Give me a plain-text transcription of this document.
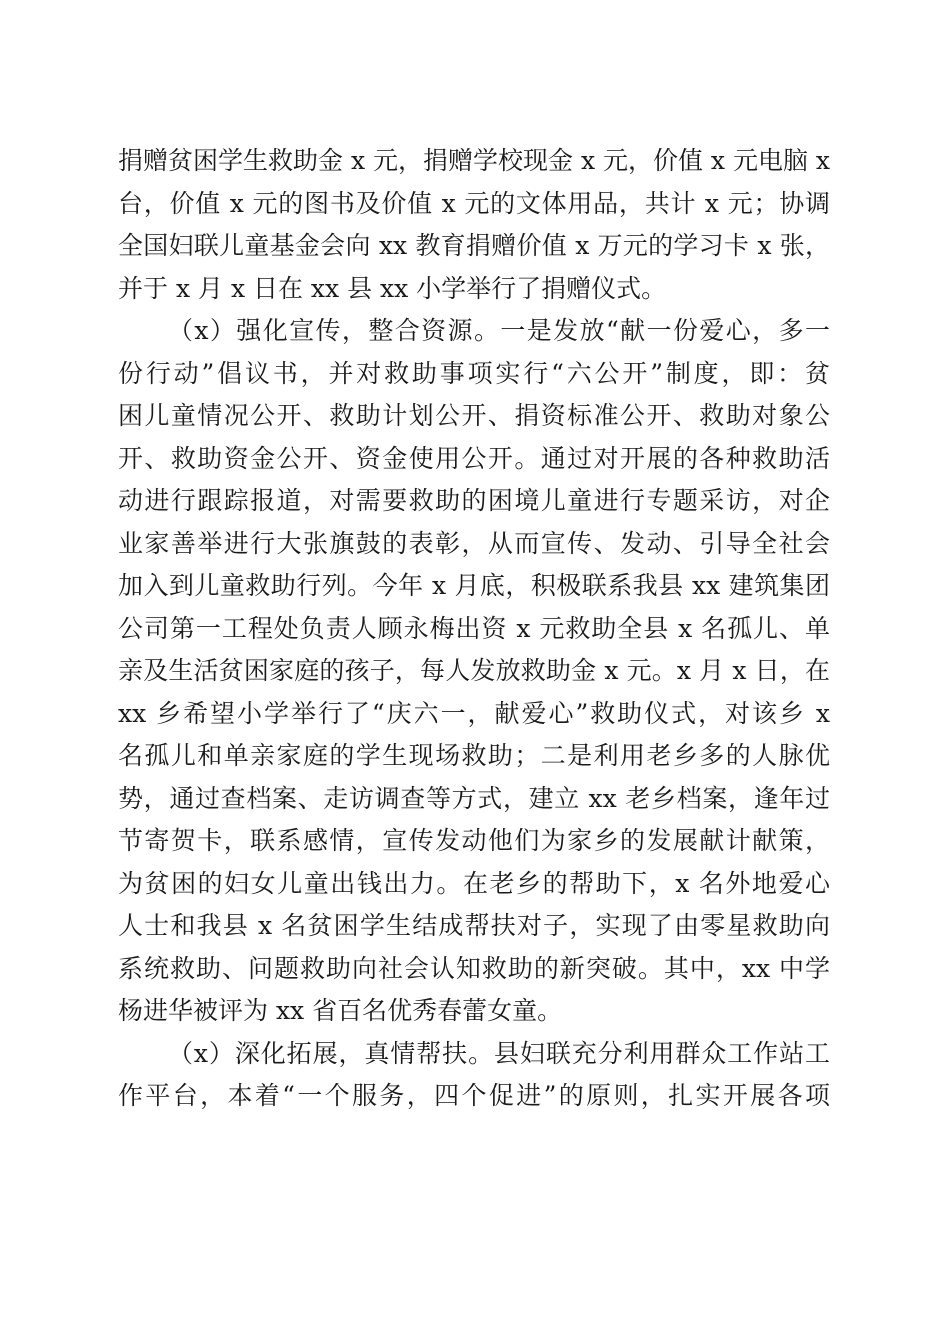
捐赠贫困学生救助金 x 元，捐赠学校现金 x 元，价值 x 元电脑 x
台，价值 x 元的图书及价值 x 元的文体用品，共计 x 元；协调
全国妇联儿童基金会向 xx 教育捐赠价值 x 万元的学习卡 x 张，
并于 x 月 x 日在 xx 县 xx 小学举行了捐赠仪式。
（x）强化宣传，整合资源。一是发放“献一份爱心，多一
份行动”倡议书，并对救助事项实行“六公开”制度，即：贫
困儿童情况公开、救助计划公开、捐资标准公开、救助对象公
开、救助资金公开、资金使用公开。通过对开展的各种救助活
动进行跟踪报道，对需要救助的困境儿童进行专题采访，对企
业家善举进行大张旗鼓的表彰，从而宣传、发动、引导全社会
加入到儿童救助行列。今年 x 月底，积极联系我县 xx 建筑集团
公司第一工程处负责人顾永梅出资 x 元救助全县 x 名孤儿、单
亲及生活贫困家庭的孩子，每人发放救助金 x 元。x 月 x 日，在
xx 乡希望小学举行了“庆六一，献爱心”救助仪式，对该乡 x
名孤儿和单亲家庭的学生现场救助；二是利用老乡多的人脉优
势，通过查档案、走访调查等方式，建立 xx 老乡档案，逢年过
节寄贺卡，联系感情，宣传发动他们为家乡的发展献计献策，
为贫困的妇女儿童出钱出力。在老乡的帮助下，x 名外地爱心
人士和我县 x 名贫困学生结成帮扶对子，实现了由零星救助向
系统救助、问题救助向社会认知救助的新突破。其中，xx 中学
杨进华被评为 xx 省百名优秀春蕾女童。
（x）深化拓展，真情帮扶。县妇联充分利用群众工作站工
作平台，本着“一个服务，四个促进”的原则，扎实开展各项
